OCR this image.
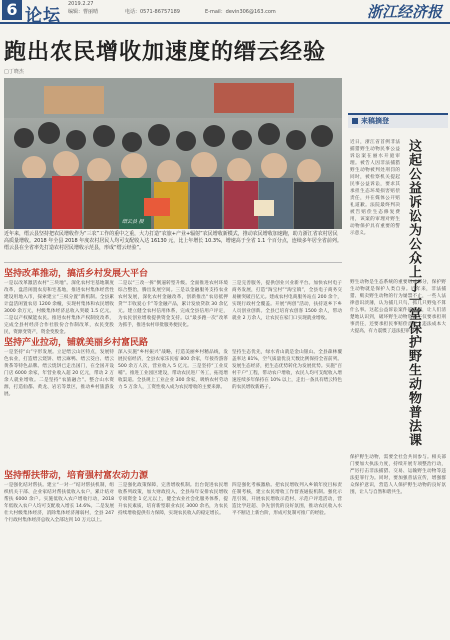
6 论坛
2019.2.27
编辑：曹丽晴	电话：0571-86757189	E-mail：devin306@163.com	浙江经济报
跑出农民增收加速度的缙云经验
□丁晓杰
缙云县 摄
近年来，缙云县坚持把农民增收作为“三农”工作的重中之重，大力打造“农旅+产业+辐射”农民增收新模式，推动农民增收加速跑，助力浙江省农村居民高质量增收。2018 年全县 2018 年度农村居民人均可支配收入达 16130 元，比上年增长 10.3%，增速高于全省 1.1 个百分点，连续多年居全省前列。缙云县在全省率先打造农村居民增收示范县，形成“缙云经验”。
坚持改革推动，搞活乡村发展大平台
一是以改革激活农村“三块地”。深化农村宅基地制度改革，盘活闲置农房和宅基地，推进农村集体经营性建设用地入市，探索建立“三权分置”新机制。全县累计盘活闲置农房 1200 余幢，实现村集体和农民增收 3000 余万元，村级集体经济总收入突破 1.5 亿元。二是以产权赋能农民。推进农村集体产权制度改革，完成全县村经济合作社股份合作制改革，农民变股民，资源变资产，资金变股金。
二是以“三改一拆”倒逼转型升级。全面推进农村环境综合整治，腾出发展空间。三是以金融服务支持农业农村发展，深化农村金融改革，创新推出“农房抵押贷”“丰收爱心卡”等金融产品，累计发放贷款 30 余亿元。建立健全农村信用体系，完成全县信用户评定，为农民创业增收提供资金支持。以“最多跑一次”改革为抓手，推进农村审批服务便民化。
三是完善服务，提供创业兴业新平台。加快农村电子商务发展，打造“淘宝村”“淘宝镇”，全县电子商务交易额突破百亿元。建成农村电商服务站点 200 余个，实现行政村全覆盖。开展“两创”活动，扶持返乡下乡人员创业创新。全县已培育农创客 1500 余人，带动就业 2 万余人，让农民在家门口实现就业增收。
坚持产业拉动，铺就美丽乡村富民路
一是坚持“山”字形发展。立足缙云山区特点，发展特色农业，打造缙云烧饼、缙云麻鸭、缙云茭白、缙云黄茶等特色品牌。缙云烧饼已走出国门，在全国开设门店 6000 余家，年营业收入超 20 亿元，带动 2 万余人就业增收。二是坚持“农旅融合”。整合山水资源，打造仙都、黄龙、岩宕等景区，推动乡村旅游发展。
深入实施“乡村振兴”战略，打造美丽乡村精品线，发展民宿经济，全县农家乐民宿 800 余家，年接待游客 500 余万人次，营业收入 5 亿元。三是坚持“工业反哺”。推进工业园区建设，带动农民进厂务工，拓宽增收渠道。全县规上工业企业 300 余家，吸纳农村劳动力 5 万余人，工资性收入成为农民增收的主要来源。
坚持生态优先，绿水青山就是金山银山。全县森林覆盖率达 81%，空气质量优良天数比例保持全省前列。发展生态经济，把生态优势转化为发展优势。实施“百村千户”工程，带动农户增收，农民人均可支配收入增速连续多年保持在 10% 以上，走出一条具有缙云特色的农民增收新路子。
坚持帮扶带动，培育强村富农动力源
一是强化结对帮扶。建立“一对一”结对帮扶机制，组织机关干部、企业家结对帮扶低收入农户，累计结对帮扶 6000 余户。实施低收入农户增收行动，2018 年低收入农户人均可支配收入增长 14.6%。二是发展壮大村级集体经济，消除集体经济薄弱村，全县 247 个行政村集体经济总收入全部达到 10 万元以上。
三是强化政策保障，完善增收机制。出台促进农民增收系列政策，加大财政投入，全县每年安排农民增收专项资金 1 亿元以上，健全农业社会化服务体系，提升农民素质，培育新型职业农民 3000 余名，为农民持续增收提供有力保障，实现农民收入的稳定增长。
四是强化考核激励。把农民增收列入乡镇年度目标责任制考核，建立农民增收工作督查通报机制。强化示范引领，开展农民增收示范村、示范户评选活动，营造比学赶超、争先创优的良好氛围，推动农民收入水平不断迈上新台阶，形成可复制可推广的经验。
来稿摘登
这起公益诉讼为公众上了一堂保护野生动物普法课
近日，浙江省首例非法捕猎野生动物民事公益诉讼案在丽水开庭审理。被告人因非法捕猎野生动物被判处刑罚的同时，被检察机关提起民事公益诉讼，要求其承担生态环境损害赔偿责任，并在媒体公开赔礼道歉。法院最终判决被告赔偿生态修复费用，该案的审理对野生动物保护具有重要的警示意义。
野生动物是生态系统的重要组成部分，保护野生动物就是保护人类自身。近年来，非法捕猎、贩卖野生动物的行为屡禁不止，一些人法律意识淡薄，认为捕几只鸟、抓几只野兔不算什么事。这起公益诉讼案件的审理，让人们清楚地认识到，破坏野生动物资源不仅要承担刑事责任，还要承担民事赔偿责任，违法成本大大提高，有力震慑了违法犯罪分子。
保护野生动物，需要全社会共同参与。相关部门要加大执法力度，持续开展专项整治行动，严厉打击非法捕猎、交易、运输野生动物等违法犯罪行为。同时，要加强普法宣传，增强群众保护意识，营造人人保护野生动物的良好氛围，让人与自然和谐共生。
